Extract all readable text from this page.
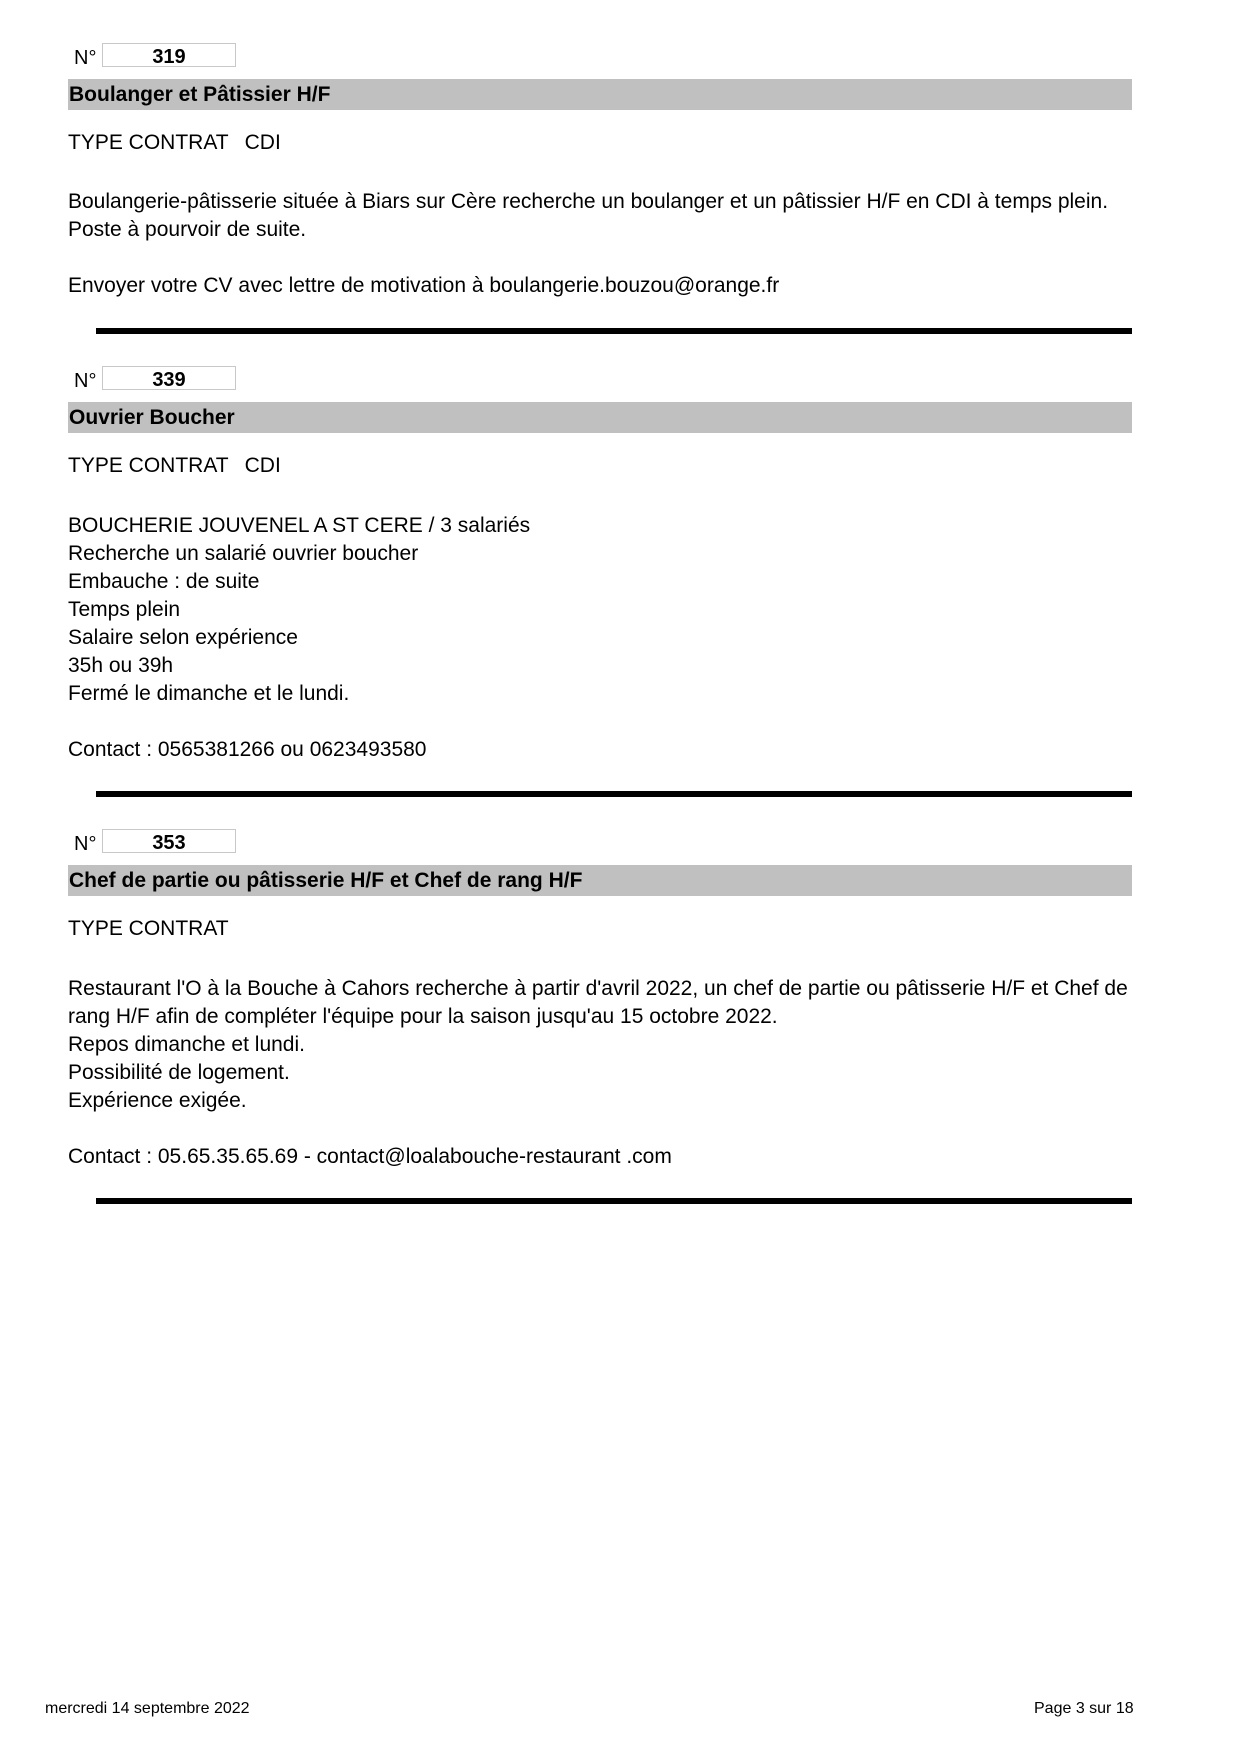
N°	319
Boulanger et Pâtissier H/F
TYPE CONTRAT CDI

Boulangerie-pâtisserie située à Biars sur Cère recherche un boulanger et un pâtissier H/F en CDI à temps plein.

Poste à pourvoir de suite.

Envoyer votre CV avec lettre de motivation à boulangerie.bouzou@orange.fr

N°	339
Ouvrier Boucher
TYPE CONTRAT CDI

BOUCHERIE JOUVENEL A ST CERE / 3 salariés

Recherche un salarié ouvrier boucher

Embauche : de suite

Temps plein

Salaire selon expérience

35h ou 39h

Fermé le dimanche et le lundi.

Contact : 0565381266 ou 0623493580

N°	353
Chef de partie ou pâtisserie H/F et Chef de rang H/F
TYPE CONTRAT

Restaurant l'O à la Bouche à Cahors recherche à partir d'avril 2022, un chef de partie ou pâtisserie H/F et Chef de

rang H/F afin de compléter l'équipe pour la saison jusqu'au 15 octobre 2022.

Repos dimanche et lundi.

Possibilité de logement.

Expérience exigée.

Contact : 05.65.35.65.69 - contact@loalabouche-restaurant .com

mercredi 14 septembre 2022	Page 3 sur 18
